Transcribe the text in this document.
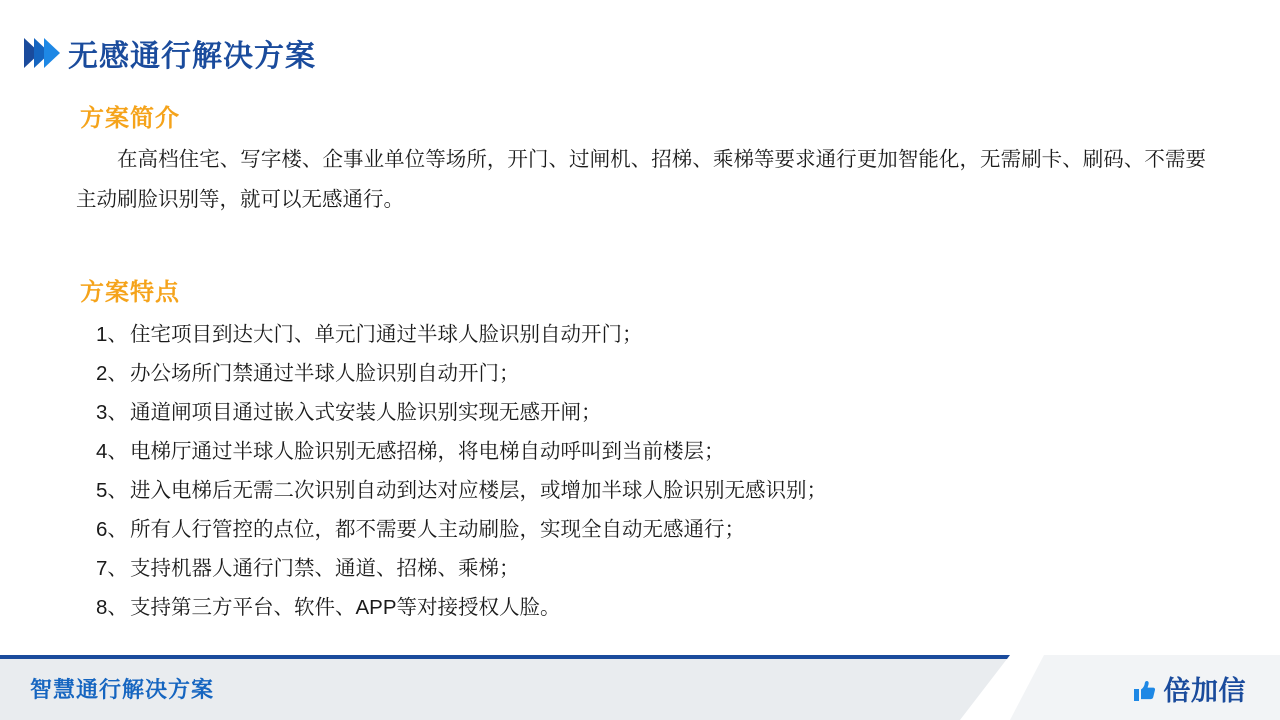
无感通行解决方案
方案简介
在高档住宅、写字楼、企事业单位等场所，开门、过闸机、招梯、乘梯等要求通行更加智能化，无需刷卡、刷码、不需要主动刷脸识别等，就可以无感通行。
方案特点
1、 住宅项目到达大门、单元门通过半球人脸识别自动开门；
2、 办公场所门禁通过半球人脸识别自动开门；
3、 通道闸项目通过嵌入式安装人脸识别实现无感开闸；
4、 电梯厅通过半球人脸识别无感招梯，将电梯自动呼叫到当前楼层；
5、 进入电梯后无需二次识别自动到达对应楼层，或增加半球人脸识别无感识别；
6、 所有人行管控的点位，都不需要人主动刷脸，实现全自动无感通行；
7、 支持机器人通行门禁、通道、招梯、乘梯；
8、 支持第三方平台、软件、APP等对接授权人脸。
智慧通行解决方案	倍加信
